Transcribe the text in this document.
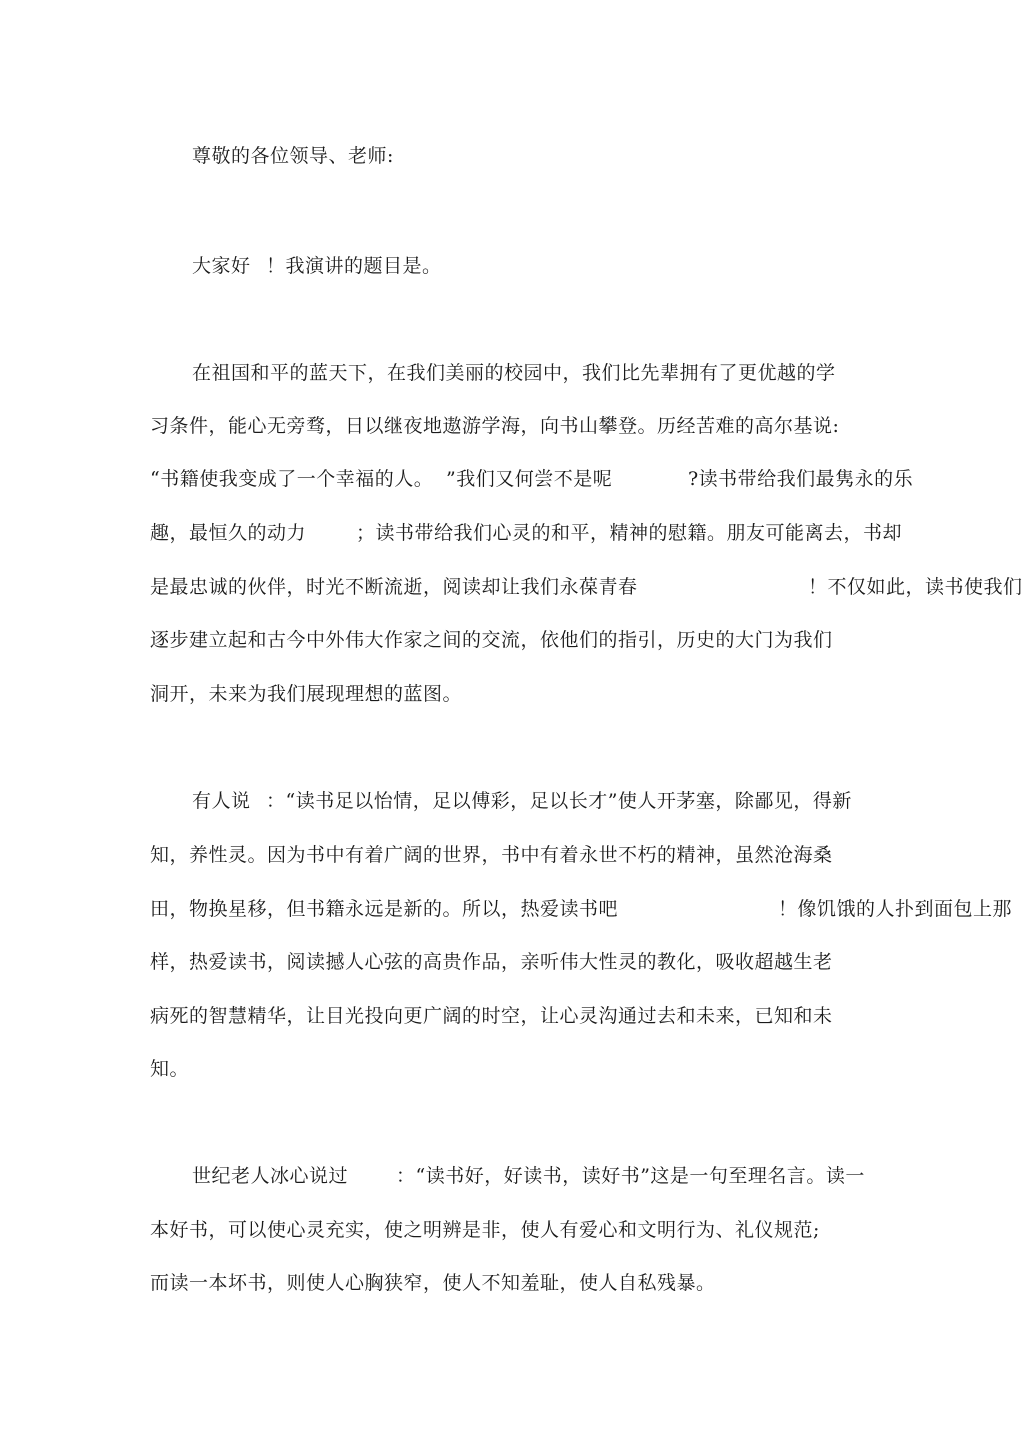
尊敬的各位领导、老师:
大家好 ！我演讲的题目是。
在祖国和平的蓝天下，在我们美丽的校园中，我们比先辈拥有了更优越的学
习条件，能心无旁骛，日以继夜地遨游学海，向书山攀登。历经苦难的高尔基说:
“书籍使我变成了一个幸福的人。 ”我们又何尝不是呢	?读书带给我们最隽永的乐
趣，最恒久的动力	；读书带给我们心灵的和平，精神的慰籍。朋友可能离去，书却
是最忠诚的伙伴，时光不断流逝，阅读却让我们永葆青春	！不仅如此，读书使我们
逐步建立起和古今中外伟大作家之间的交流，依他们的指引，历史的大门为我们
洞开，未来为我们展现理想的蓝图。
有人说 ：“读书足以怡情，足以傅彩，足以长才”使人开茅塞，除鄙见，得新
知，养性灵。因为书中有着广阔的世界，书中有着永世不朽的精神，虽然沧海桑
田，物换星移，但书籍永远是新的。所以，热爱读书吧	！像饥饿的人扑到面包上那
样，热爱读书，阅读撼人心弦的高贵作品，亲听伟大性灵的教化，吸收超越生老
病死的智慧精华，让目光投向更广阔的时空，让心灵沟通过去和未来，已知和未
知。
世纪老人冰心说过	：“读书好，好读书，读好书”这是一句至理名言。读一
本好书，可以使心灵充实，使之明辨是非，使人有爱心和文明行为、礼仪规范;
而读一本坏书，则使人心胸狭窄，使人不知羞耻，使人自私残暴。
